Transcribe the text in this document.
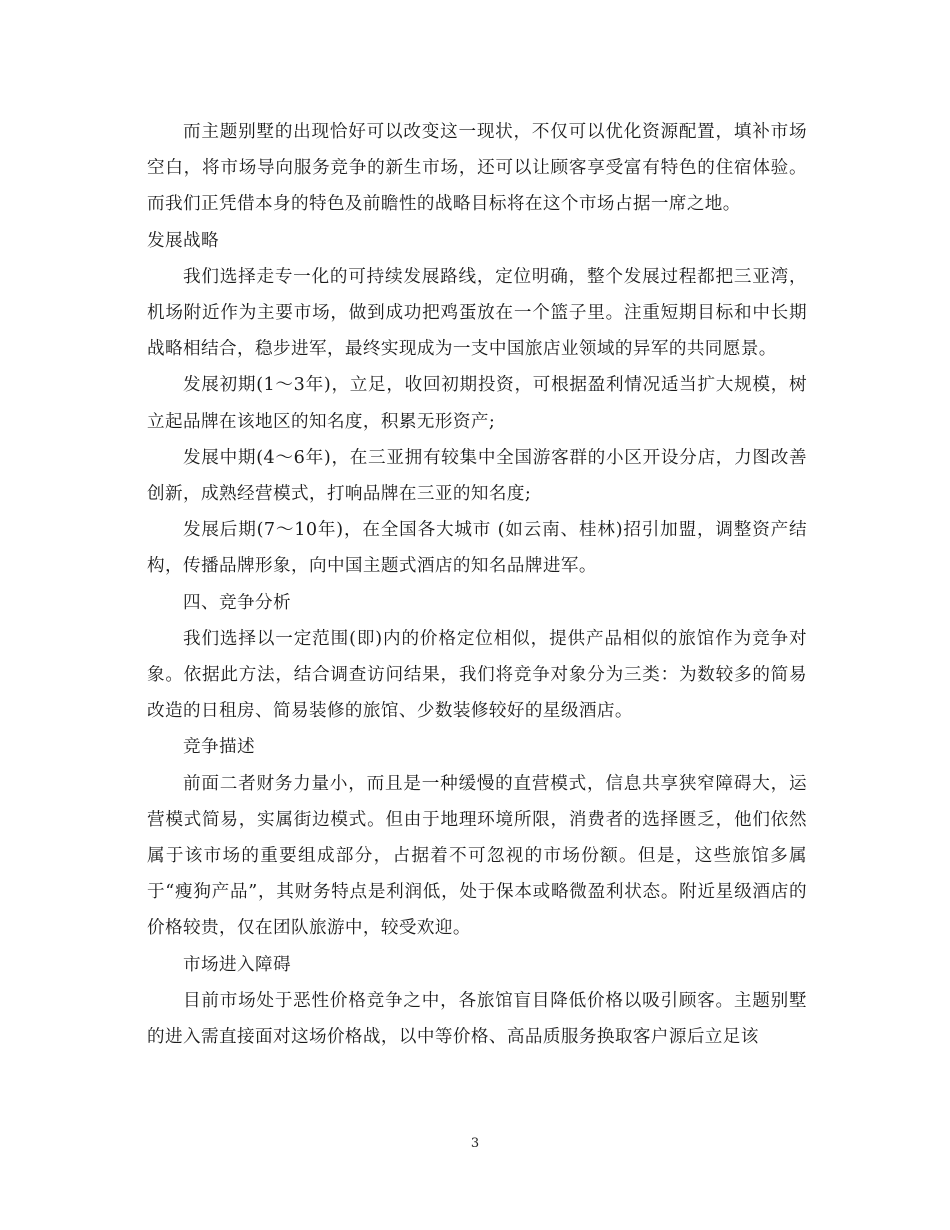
而主题别墅的出现恰好可以改变这一现状，不仅可以优化资源配置，填补市场空白，将市场导向服务竞争的新生市场，还可以让顾客享受富有特色的住宿体验。而我们正凭借本身的特色及前瞻性的战略目标将在这个市场占据一席之地。

发展战略

我们选择走专一化的可持续发展路线，定位明确，整个发展过程都把三亚湾，机场附近作为主要市场，做到成功把鸡蛋放在一个篮子里。注重短期目标和中长期战略相结合，稳步进军，最终实现成为一支中国旅店业领域的异军的共同愿景。

发展初期(1～3年)，立足，收回初期投资，可根据盈利情况适当扩大规模，树立起品牌在该地区的知名度，积累无形资产;

发展中期(4～6年)，在三亚拥有较集中全国游客群的小区开设分店，力图改善创新，成熟经营模式，打响品牌在三亚的知名度;

发展后期(7～10年)，在全国各大城市 (如云南、桂林)招引加盟，调整资产结构，传播品牌形象，向中国主题式酒店的知名品牌进军。

四、竞争分析

我们选择以一定范围(即)内的价格定位相似，提供产品相似的旅馆作为竞争对象。依据此方法，结合调查访问结果，我们将竞争对象分为三类：为数较多的简易改造的日租房、简易装修的旅馆、少数装修较好的星级酒店。

竞争描述

前面二者财务力量小，而且是一种缓慢的直营模式，信息共享狭窄障碍大，运营模式简易，实属街边模式。但由于地理环境所限，消费者的选择匮乏，他们依然属于该市场的重要组成部分，占据着不可忽视的市场份额。但是，这些旅馆多属于“瘦狗产品”，其财务特点是利润低，处于保本或略微盈利状态。附近星级酒店的价格较贵，仅在团队旅游中，较受欢迎。

市场进入障碍

目前市场处于恶性价格竞争之中，各旅馆盲目降低价格以吸引顾客。主题别墅的进入需直接面对这场价格战，以中等价格、高品质服务换取客户源后立足该

3
